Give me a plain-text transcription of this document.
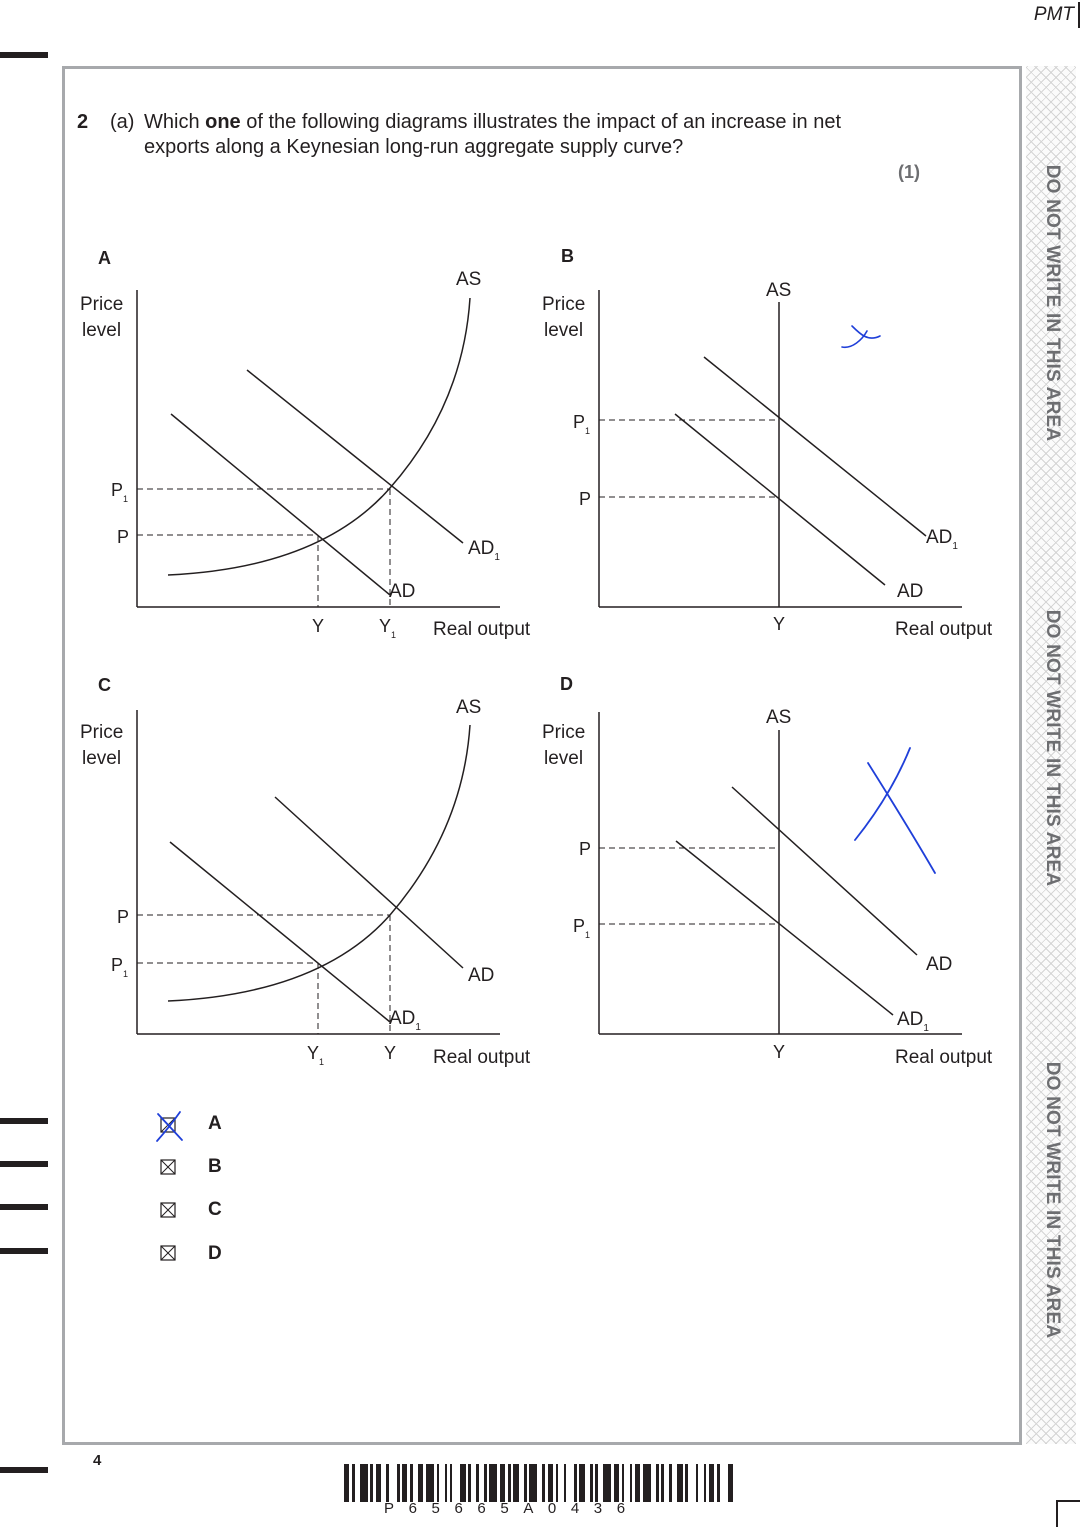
PMT
DO NOT WRITE IN THIS AREA
DO NOT WRITE IN THIS AREA
DO NOT WRITE IN THIS AREA
2 (a) Which one of the following diagrams illustrates the impact of an increase in net
exports along a Keynesian long-run aggregate supply curve?
(1)
A
Price
level
AS
$P_1$
P
$AD_1$
AD
Y	$Y_1$ Real output
B
Price
level
AS
$P_1$
P
$AD_1$
AD
Y	Real output
C
Price
level
AS
P
$P_1$	AD
$AD_1$
$Y_1$	Y Real output
D
Price
level
AS
P
$P_1$
AD
$AD_1$
Y	Real output
A
B
C
D
4
P65665A0436
